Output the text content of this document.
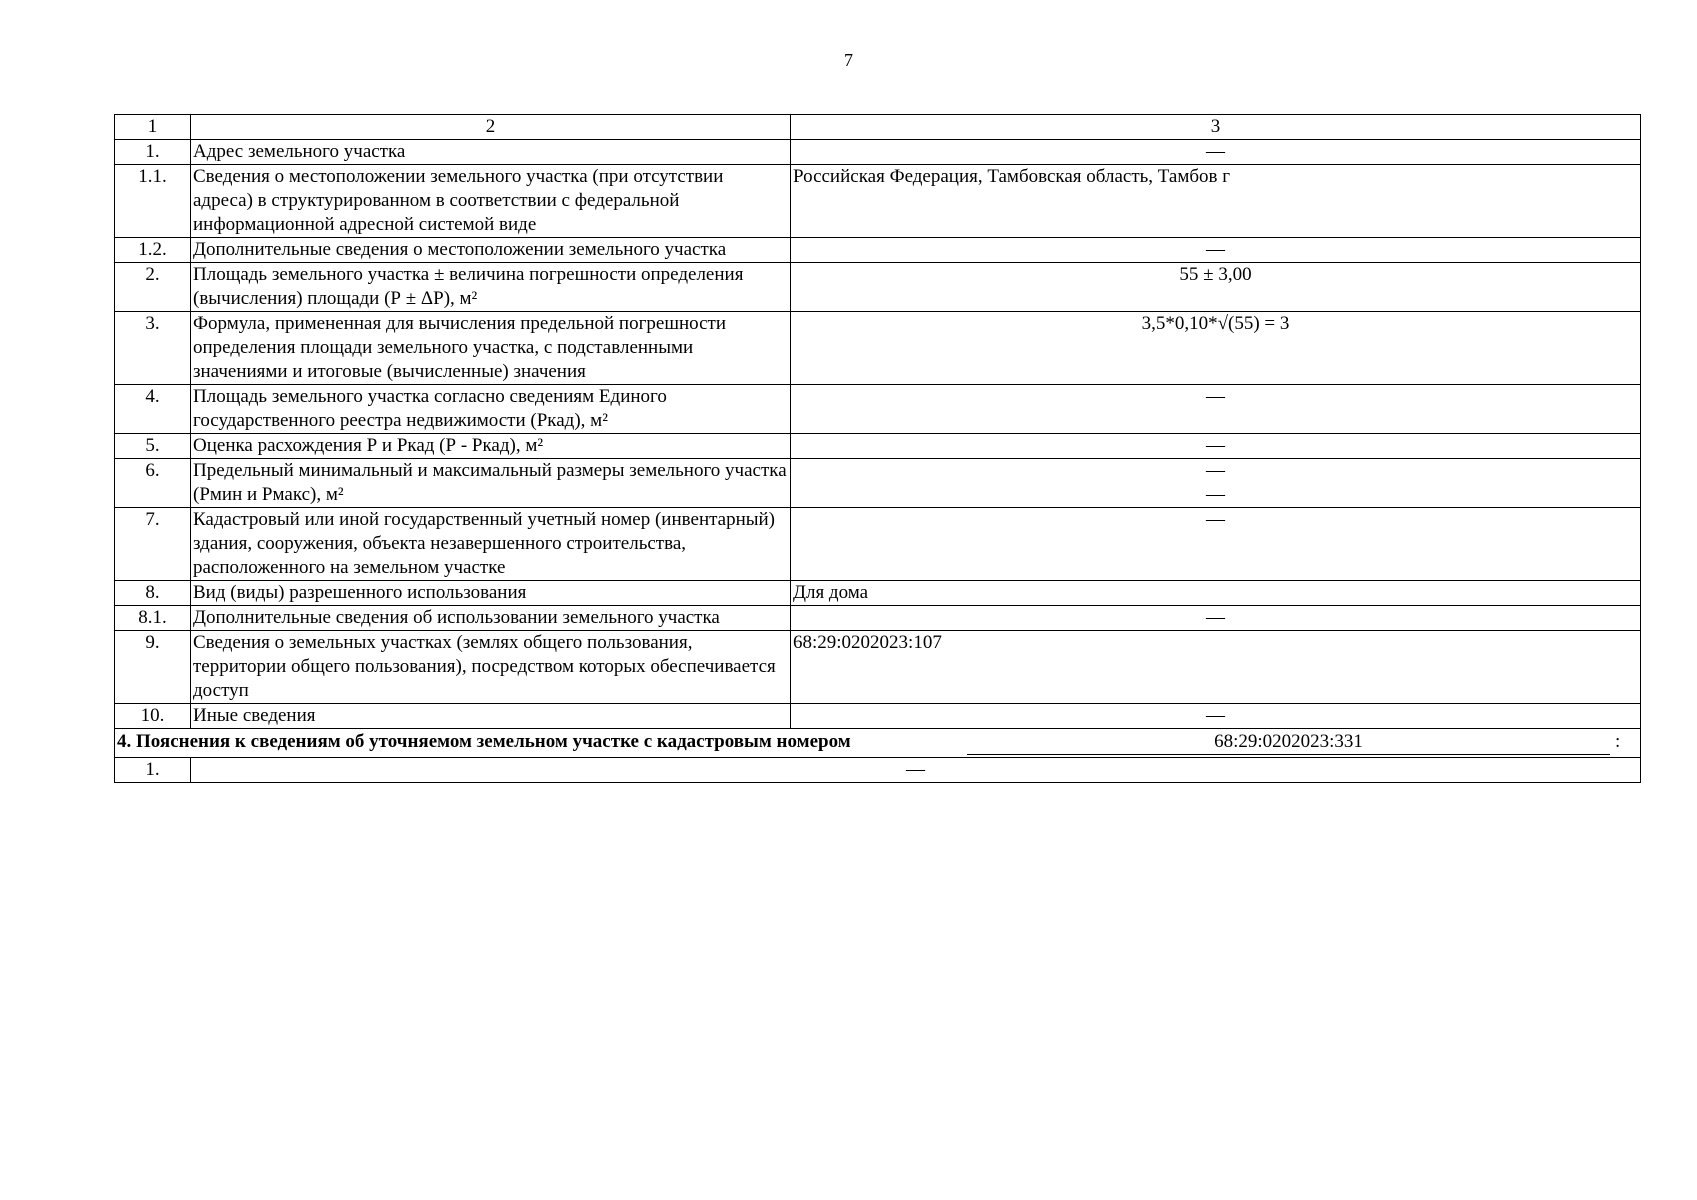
7
1	2	3
1.	Адрес земельного участка	—
1.1.	Сведения о местоположении земельного участка (при отсутствии адреса) в структурированном в соответствии с федеральной информационной адресной системой виде	Российская Федерация, Тамбовская область, Тамбов г
1.2.	Дополнительные сведения о местоположении земельного участка	—
2.	Площадь земельного участка ± величина погрешности определения (вычисления) площади (Р ± ΔР), м²	55 ± 3,00
3.	Формула, примененная для вычисления предельной погрешности определения площади земельного участка, с подставленными значениями и итоговые (вычисленные) значения	3,5*0,10*√(55) = 3
4.	Площадь земельного участка согласно сведениям Единого государственного реестра недвижимости (Ркад), м²	—
5.	Оценка расхождения Р и Ркад (Р - Ркад), м²	—
6.	Предельный минимальный и максимальный размеры земельного участка (Рмин и Рмакс), м²	—
—

7.	Кадастровый или иной государственный учетный номер (инвентарный) здания, сооружения, объекта незавершенного строительства, расположенного на земельном участке	—
8.	Вид (виды) разрешенного использования	Для дома
8.1.	Дополнительные сведения об использовании земельного участка	—
9.	Сведения о земельных участках (землях общего пользования, территории общего пользования), посредством которых обеспечивается доступ	68:29:0202023:107
10.	Иные сведения	—

4. Пояснения к сведениям об уточняемом земельном участке с кадастровым номером 68:29:0202023:331 :		

1.	—	
